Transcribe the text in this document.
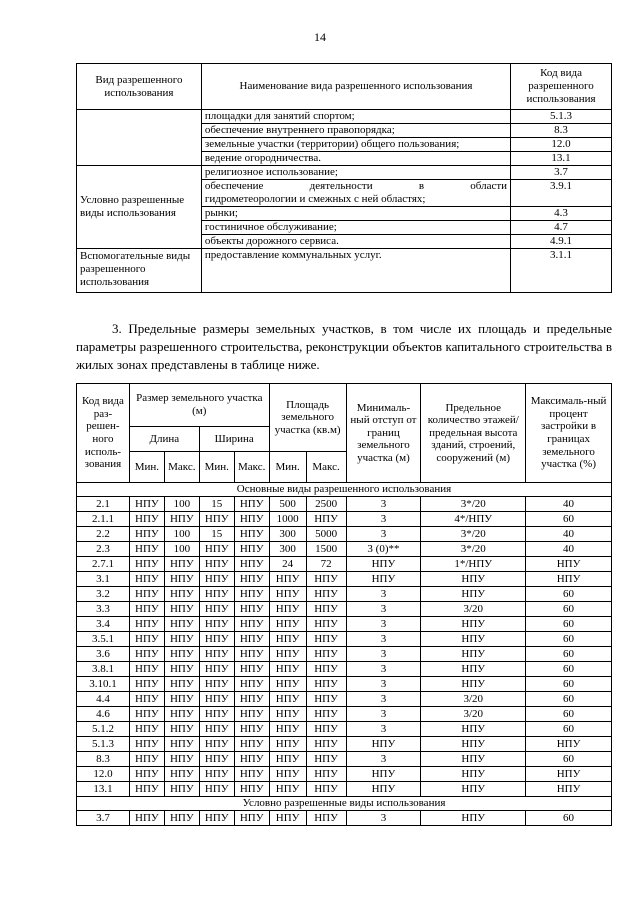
14
Вид разрешенного использования	Наименование вида разрешенного использования	Код вида разрешенного использования
	площадки для занятий спортом;	5.1.3
	обеспечение внутреннего правопорядка;	8.3
	земельные участки (территории) общего пользования;	12.0
	ведение огородничества.	13.1
Условно разрешенные виды использования	религиозное использование;	3.7

	обеспечение деятельности в области
гидрометеорологии и смежных с ней областях;	3.9.1
	рынки;	4.3
	гостиничное обслуживание;	4.7
	объекты дорожного сервиса.	4.9.1
Вспомогательные виды разрешенного использования	предоставление коммунальных услуг.	3.1.1

3. Предельные размеры земельных участков, в том числе их площадь и предельные параметры разрешенного строительства, реконструкции объектов капитального строительства в жилых зонах представлены в таблице ниже.

Код вида раз-решен-ного исполь-зования	Размер земельного участка (м)				Площадь земельного участка (кв.м)		Минималь-ный отступ от границ земельного участка (м)	Предельное количество этажей/ предельная высота зданий, строений, сооружений (м)	Максималь-ный процент застройки в границах земельного участка (%)
	Длина		Ширина						
	Мин.	Макс.	Мин.	Макс.	Мин.	Макс.			
Основные виды разрешенного использования									
2.1	НПУ	100	15	НПУ	500	2500	3	3*/20	40
2.1.1	НПУ	НПУ	НПУ	НПУ	1000	НПУ	3	4*/НПУ	60
2.2	НПУ	100	15	НПУ	300	5000	3	3*/20	40
2.3	НПУ	100	НПУ	НПУ	300	1500	3 (0)**	3*/20	40
2.7.1	НПУ	НПУ	НПУ	НПУ	24	72	НПУ	1*/НПУ	НПУ
3.1	НПУ	НПУ	НПУ	НПУ	НПУ	НПУ	НПУ	НПУ	НПУ
3.2	НПУ	НПУ	НПУ	НПУ	НПУ	НПУ	3	НПУ	60
3.3	НПУ	НПУ	НПУ	НПУ	НПУ	НПУ	3	3/20	60
3.4	НПУ	НПУ	НПУ	НПУ	НПУ	НПУ	3	НПУ	60
3.5.1	НПУ	НПУ	НПУ	НПУ	НПУ	НПУ	3	НПУ	60
3.6	НПУ	НПУ	НПУ	НПУ	НПУ	НПУ	3	НПУ	60
3.8.1	НПУ	НПУ	НПУ	НПУ	НПУ	НПУ	3	НПУ	60
3.10.1	НПУ	НПУ	НПУ	НПУ	НПУ	НПУ	3	НПУ	60
4.4	НПУ	НПУ	НПУ	НПУ	НПУ	НПУ	3	3/20	60
4.6	НПУ	НПУ	НПУ	НПУ	НПУ	НПУ	3	3/20	60
5.1.2	НПУ	НПУ	НПУ	НПУ	НПУ	НПУ	3	НПУ	60
5.1.3	НПУ	НПУ	НПУ	НПУ	НПУ	НПУ	НПУ	НПУ	НПУ
8.3	НПУ	НПУ	НПУ	НПУ	НПУ	НПУ	3	НПУ	60
12.0	НПУ	НПУ	НПУ	НПУ	НПУ	НПУ	НПУ	НПУ	НПУ
13.1	НПУ	НПУ	НПУ	НПУ	НПУ	НПУ	НПУ	НПУ	НПУ
Условно разрешенные виды использования									
3.7	НПУ	НПУ	НПУ	НПУ	НПУ	НПУ	3	НПУ	60
